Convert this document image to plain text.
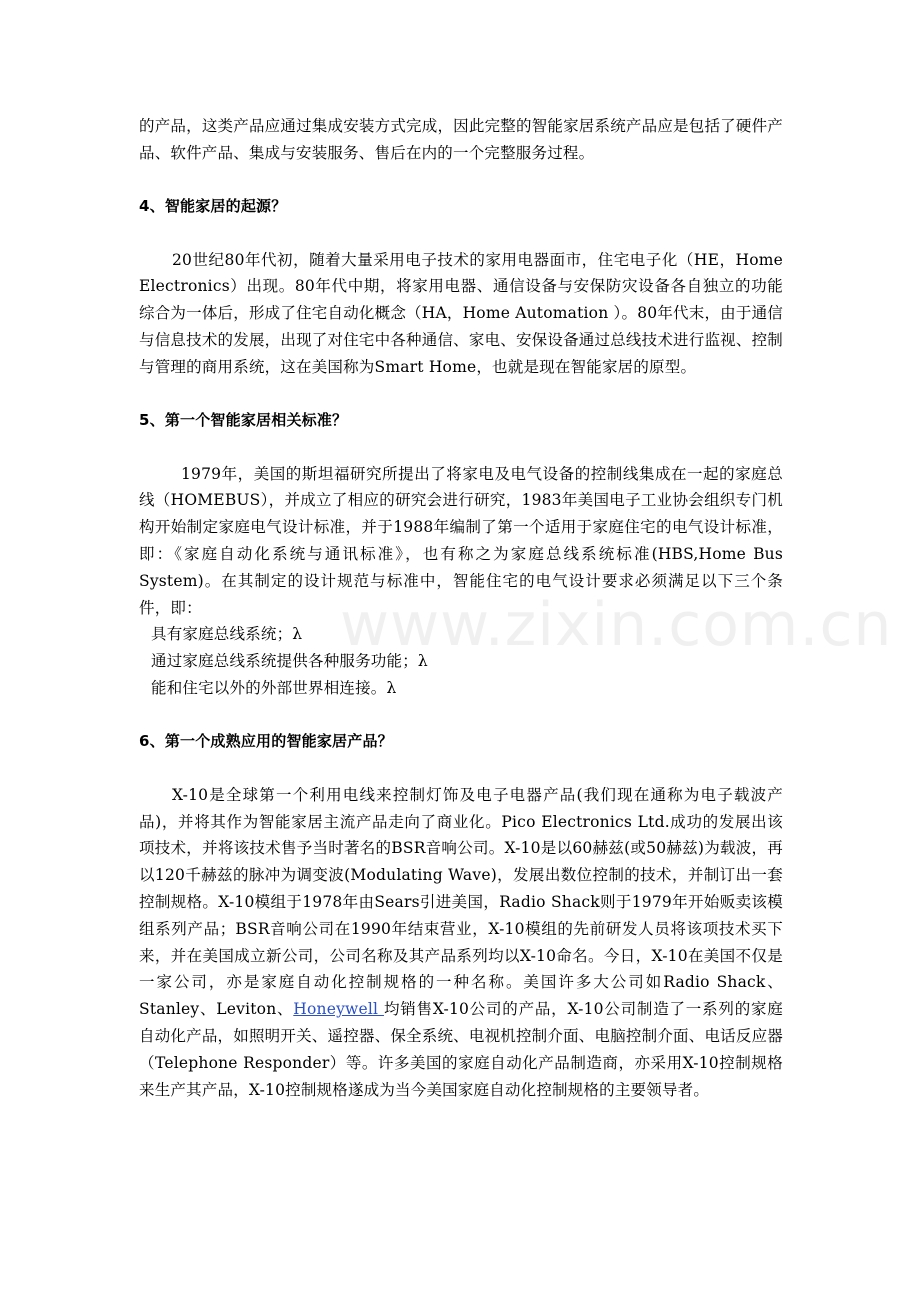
的产品，这类产品应通过集成安装方式完成，因此完整的智能家居系统产品应是包括了硬件产品、软件产品、集成与安装服务、售后在内的一个完整服务过程。

4、智能家居的起源？

20世纪80年代初，随着大量采用电子技术的家用电器面市，住宅电子化（HE，Home Electronics）出现。80年代中期，将家用电器、通信设备与安保防灾设备各自独立的功能综合为一体后，形成了住宅自动化概念（HA，Home Automation ）。80年代末，由于通信与信息技术的发展，出现了对住宅中各种通信、家电、安保设备通过总线技术进行监视、控制与管理的商用系统，这在美国称为Smart Home，也就是现在智能家居的原型。

5、第一个智能家居相关标准？

1979年，美国的斯坦福研究所提出了将家电及电气设备的控制线集成在一起的家庭总线（HOMEBUS），并成立了相应的研究会进行研究，1983年美国电子工业协会组织专门机构开始制定家庭电气设计标准，并于1988年编制了第一个适用于家庭住宅的电气设计标准，即：《家庭自动化系统与通讯标准》，也有称之为家庭总线系统标准(HBS,Home Bus System)。在其制定的设计规范与标准中，智能住宅的电气设计要求必须满足以下三个条件，即：

具有家庭总线系统；λ

通过家庭总线系统提供各种服务功能；λ

能和住宅以外的外部世界相连接。λ

6、第一个成熟应用的智能家居产品？

X-10是全球第一个利用电线来控制灯饰及电子电器产品(我们现在通称为电子载波产品)，并将其作为智能家居主流产品走向了商业化。Pico Electronics Ltd.成功的发展出该项技术，并将该技术售予当时著名的BSR音响公司。X-10是以60赫兹(或50赫兹)为载波，再以120千赫兹的脉冲为调变波(Modulating Wave)，发展出数位控制的技术，并制订出一套控制规格。X-10模组于1978年由Sears引进美国，Radio Shack则于1979年开始贩卖该模组系列产品；BSR音响公司在1990年结束营业，X-10模组的先前研发人员将该项技术买下来，并在美国成立新公司，公司名称及其产品系列均以X-10命名。今日，X-10在美国不仅是一家公司，亦是家庭自动化控制规格的一种名称。美国许多大公司如Radio Shack、Stanley、Leviton、Honeywell 均销售X-10公司的产品，X-10公司制造了一系列的家庭自动化产品，如照明开关、遥控器、保全系统、电视机控制介面、电脑控制介面、电话反应器（Telephone Responder）等。许多美国的家庭自动化产品制造商，亦采用X-10控制规格来生产其产品，X-10控制规格遂成为当今美国家庭自动化控制规格的主要领导者。

www.zixin.com.cn
